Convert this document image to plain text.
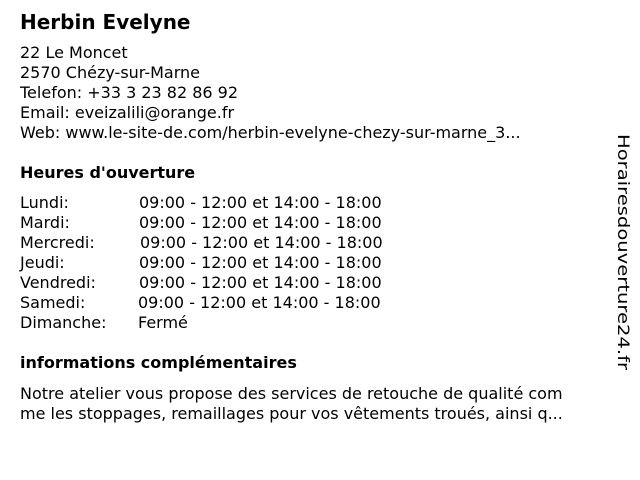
Herbin Evelyne
22 Le Moncet
2570 Chézy-sur-Marne
Telefon: +33 3 23 82 86 92
Email: eveizalili@orange.fr
Web: www.le-site-de.com/herbin-evelyne-chezy-sur-marne_3...
Heures d'ouverture
Lundi:	09:00 - 12:00 et 14:00 - 18:00
Mardi:	09:00 - 12:00 et 14:00 - 18:00
Mercredi:	09:00 - 12:00 et 14:00 - 18:00
Jeudi:	09:00 - 12:00 et 14:00 - 18:00
Vendredi:	09:00 - 12:00 et 14:00 - 18:00
Samedi:	09:00 - 12:00 et 14:00 - 18:00
Dimanche: Fermé
informations complémentaires
Notre atelier vous propose des services de retouche de qualité com
me les stoppages, remaillages pour vos vêtements troués, ainsi q...
Horairesdouverture24.fr
